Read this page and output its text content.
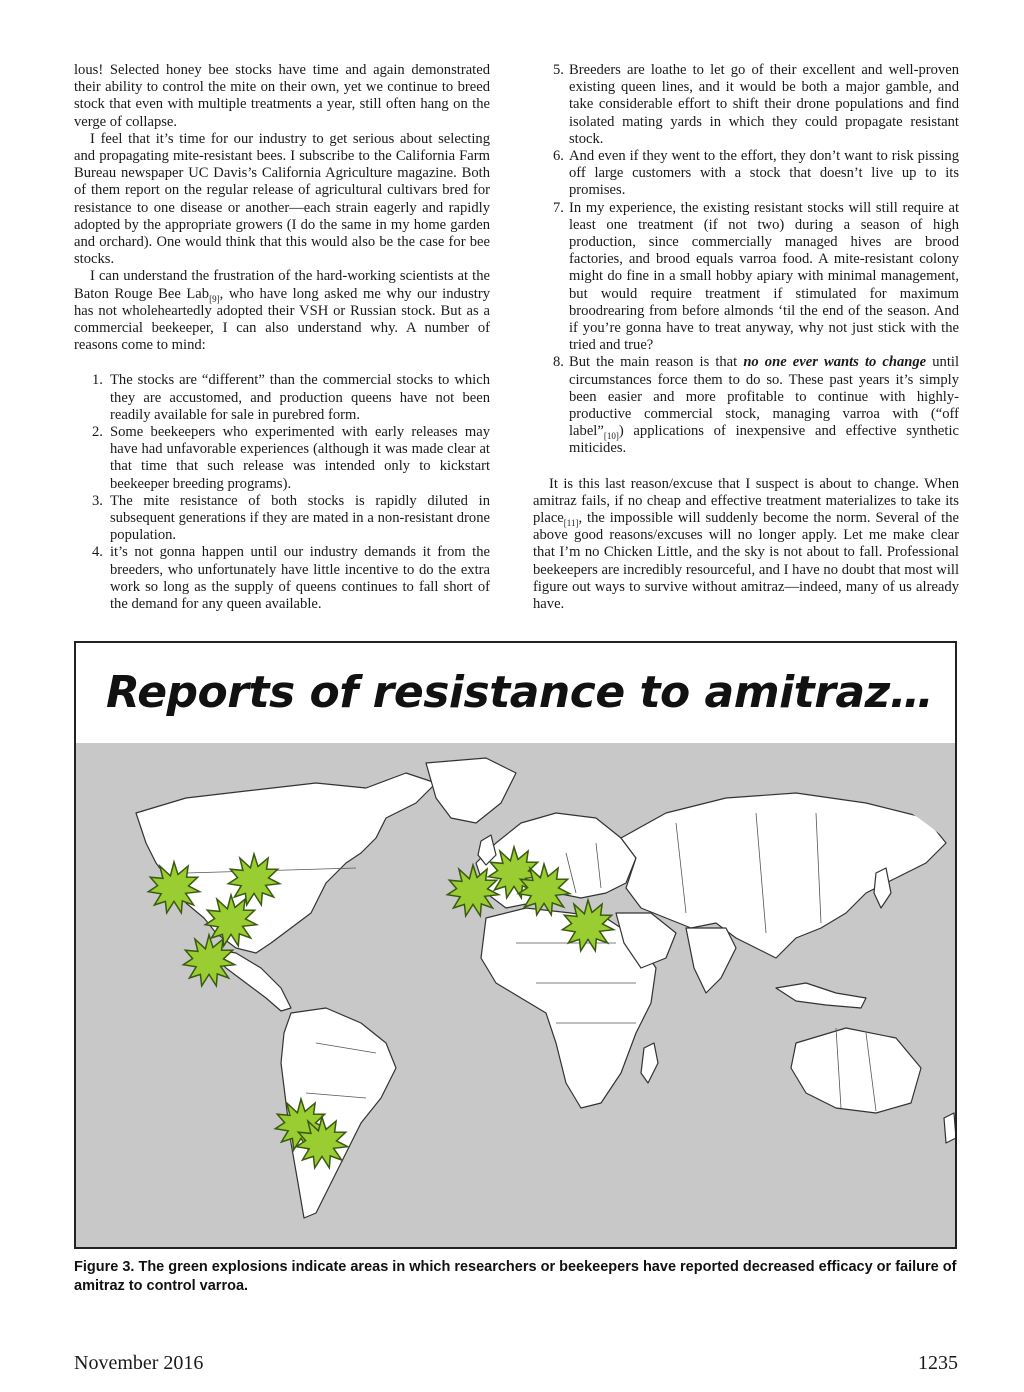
lous! Selected honey bee stocks have time and again demonstrated their ability to control the mite on their own, yet we continue to breed stock that even with multiple treatments a year, still often hang on the verge of collapse.

I feel that it’s time for our industry to get serious about selecting and propagating mite-resistant bees. I subscribe to the California Farm Bureau newspaper UC Davis’s California Agriculture magazine. Both of them report on the regular release of agricultural cultivars bred for resistance to one disease or another—each strain eagerly and rapidly adopted by the appropriate growers (I do the same in my home garden and orchard). One would think that this would also be the case for bee stocks.

I can understand the frustration of the hard-working scientists at the Baton Rouge Bee Lab$_{[9]}$, who have long asked me why our industry has not wholeheartedly adopted their VSH or Russian stock. But as a commercial beekeeper, I can also understand why. A number of reasons come to mind:

1. The stocks are “different” than the commercial stocks to which they are accustomed, and production queens have not been readily available for sale in purebred form.
2. Some beekeepers who experimented with early releases may have had unfavorable experiences (although it was made clear at that time that such release was intended only to kickstart beekeeper breeding programs).
3. The mite resistance of both stocks is rapidly diluted in subsequent generations if they are mated in a non-resistant drone population.
4. it’s not gonna happen until our industry demands it from the breeders, who unfortunately have little incentive to do the extra work so long as the supply of queens continues to fall short of the demand for any queen available.
5. Breeders are loathe to let go of their excellent and well-proven existing queen lines, and it would be both a major gamble, and take considerable effort to shift their drone populations and find isolated mating yards in which they could propagate resistant stock.
6. And even if they went to the effort, they don’t want to risk pissing off large customers with a stock that doesn’t live up to its promises.
7. In my experience, the existing resistant stocks will still require at least one treatment (if not two) during a season of high production, since commercially managed hives are brood factories, and brood equals varroa food. A mite-resistant colony might do fine in a small hobby apiary with minimal management, but would require treatment if stimulated for maximum broodrearing from before almonds ‘til the end of the season. And if you’re gonna have to treat anyway, why not just stick with the tried and true?
8. But the main reason is that no one ever wants to change until circumstances force them to do so. These past years it’s simply been easier and more profitable to continue with highly-productive commercial stock, managing varroa with (“off $label”_{[10]}$) applications of inexpensive and effective synthetic miticides.

It is this last reason/excuse that I suspect is about to change. When amitraz fails, if no cheap and effective treatment materializes to take its place$_{[11]}$, the impossible will suddenly become the norm. Several of the above good reasons/excuses will no longer apply. Let me make clear that I’m no Chicken Little, and the sky is not about to fall. Professional beekeepers are incredibly resourceful, and I have no doubt that most will figure out ways to survive without amitraz—indeed, many of us already have.

Reports of resistance to amitraz…
Figure 3. The green explosions indicate areas in which researchers or beekeepers have reported decreased efficacy or failure of amitraz to control varroa.
November 2016	1235
